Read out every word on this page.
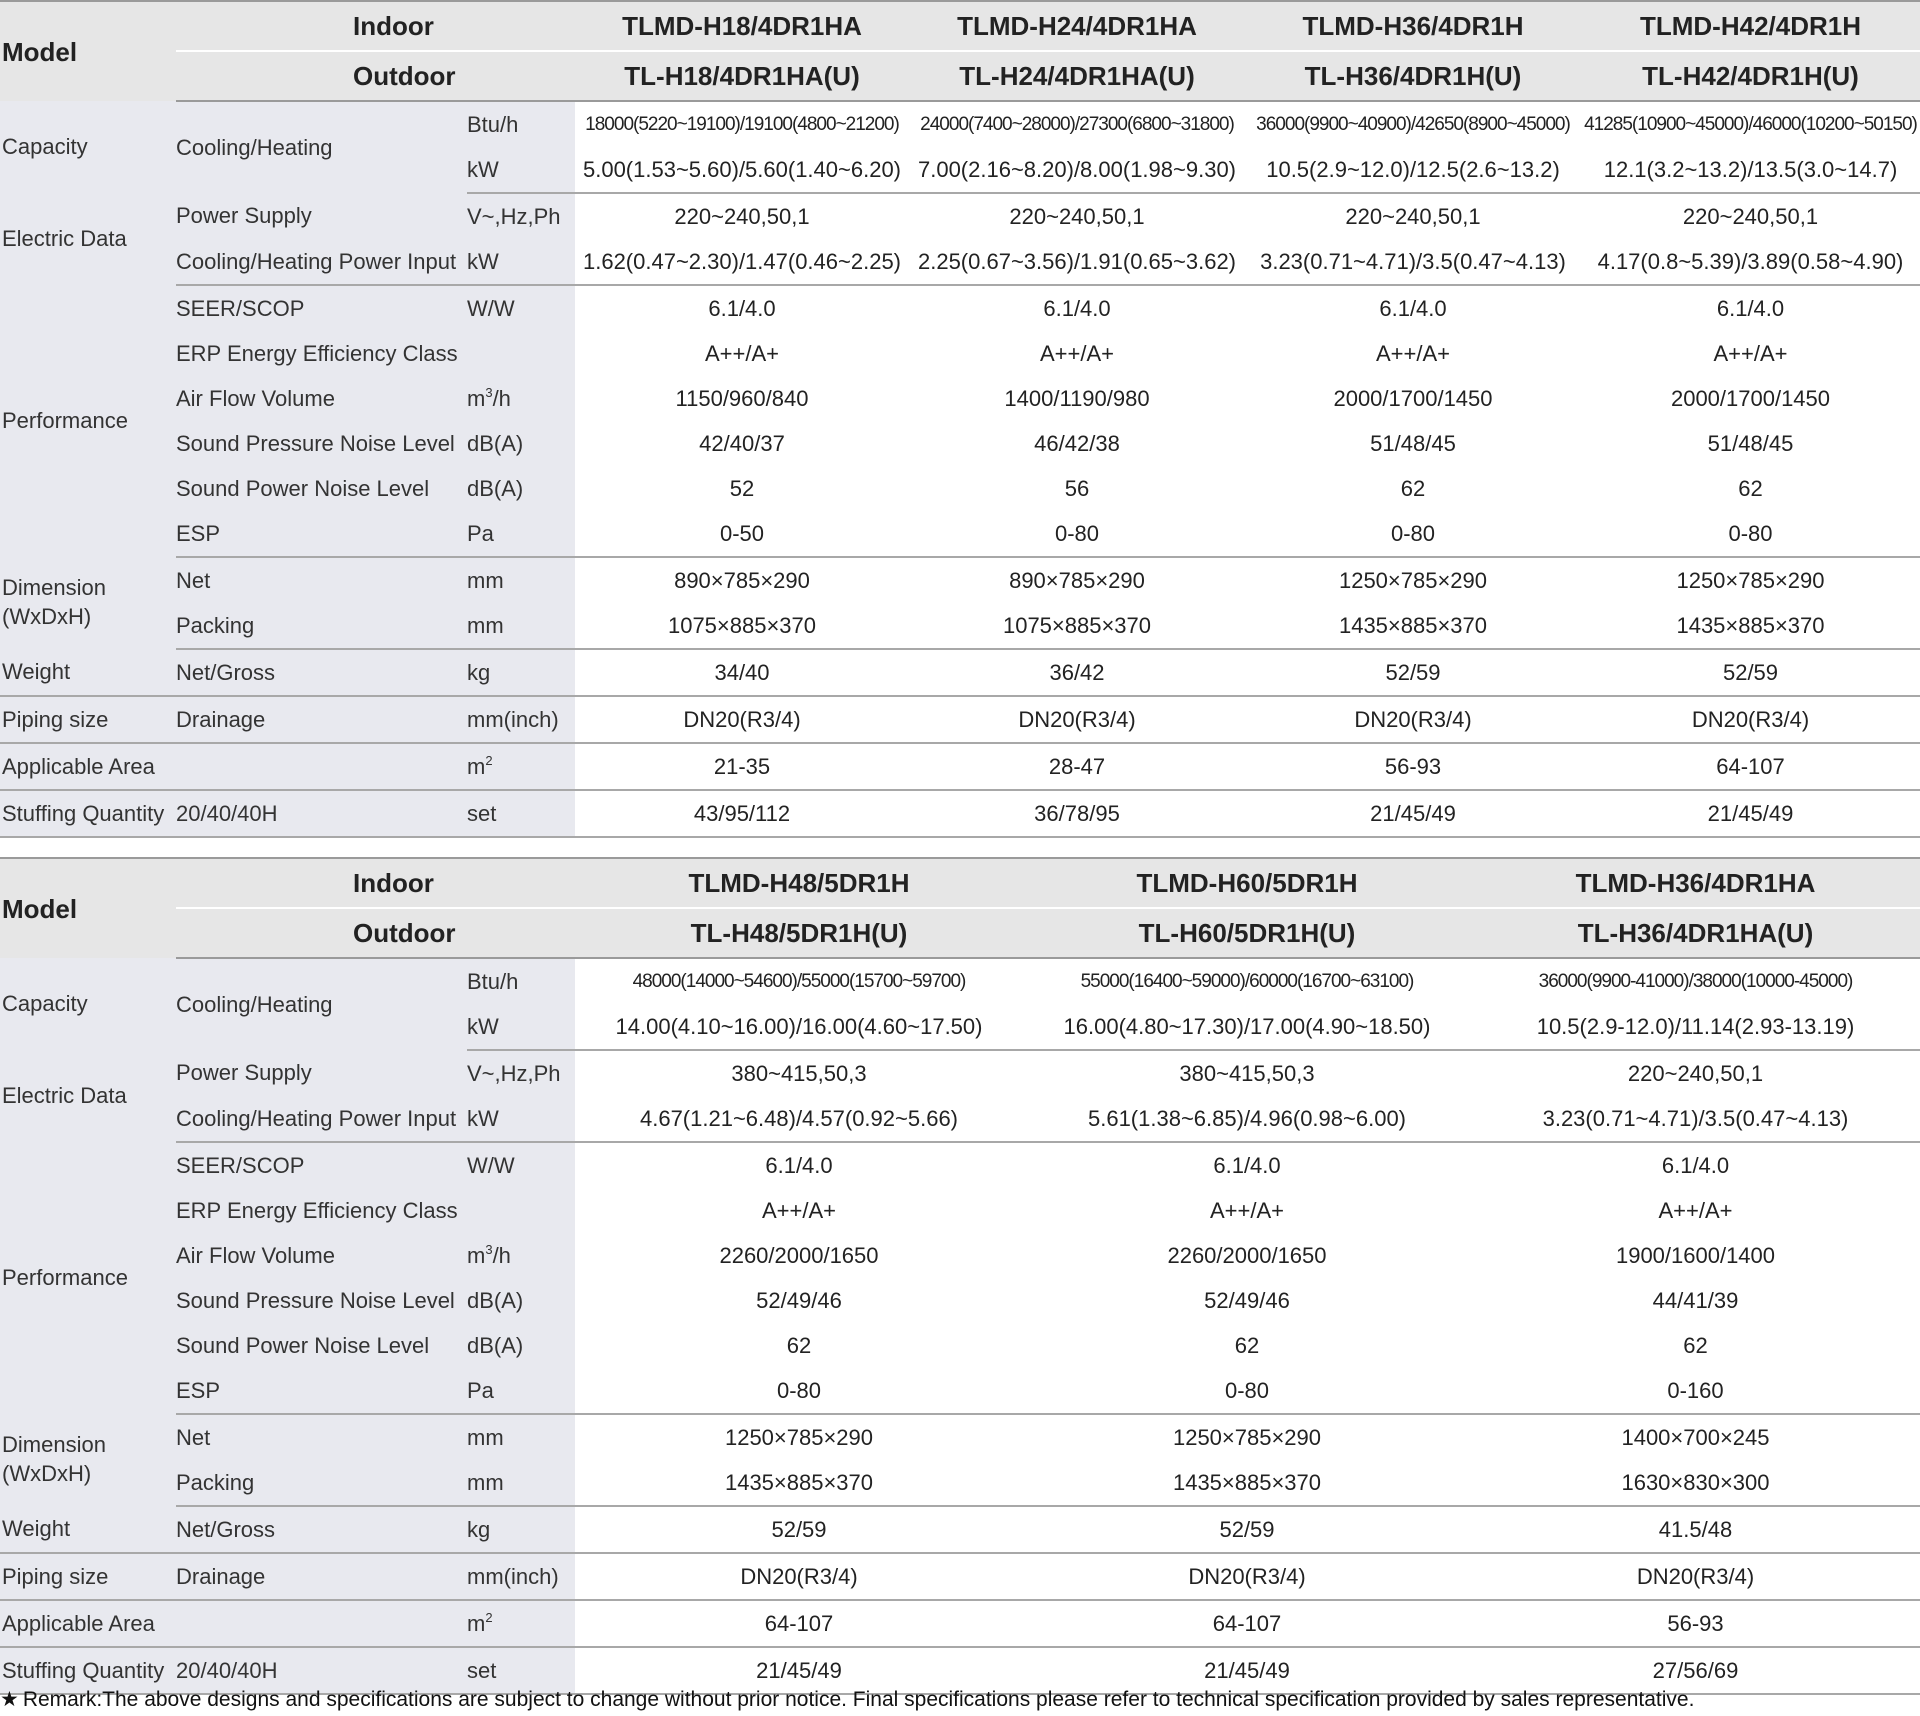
Model	Indoor		TLMD-H18/4DR1HA	TLMD-H24/4DR1HA	TLMD-H36/4DR1H	TLMD-H42/4DR1H
	Outdoor		TL-H18/4DR1HA(U)	TL-H24/4DR1HA(U)	TL-H36/4DR1H(U)	TL-H42/4DR1H(U)
Capacity	Cooling/Heating	Btu/h	18000(5220~19100)/19100(4800~21200)	24000(7400~28000)/27300(6800~31800)	36000(9900~40900)/42650(8900~45000)	41285(10900~45000)/46000(10200~50150)
		kW	5.00(1.53~5.60)/5.60(1.40~6.20)	7.00(2.16~8.20)/8.00(1.98~9.30)	10.5(2.9~12.0)/12.5(2.6~13.2)	12.1(3.2~13.2)/13.5(3.0~14.7)
Electric Data	Power Supply	V~,Hz,Ph	220~240,50,1	220~240,50,1	220~240,50,1	220~240,50,1
	Cooling/Heating Power Input	kW	1.62(0.47~2.30)/1.47(0.46~2.25)	2.25(0.67~3.56)/1.91(0.65~3.62)	3.23(0.71~4.71)/3.5(0.47~4.13)	4.17(0.8~5.39)/3.89(0.58~4.90)
Performance	SEER/SCOP	W/W	6.1/4.0	6.1/4.0	6.1/4.0	6.1/4.0
	ERP Energy Efficiency Class		A++/A+	A++/A+	A++/A+	A++/A+
	Air Flow Volume	$m^3/h$	1150/960/840	1400/1190/980	2000/1700/1450	2000/1700/1450
	Sound Pressure Noise Level	dB(A)	42/40/37	46/42/38	51/48/45	51/48/45
	Sound Power Noise Level	dB(A)	52	56	62	62
	ESP	Pa	0-50	0-80	0-80	0-80
Dimension (WxDxH)	Net	mm	890×785×290	890×785×290	1250×785×290	1250×785×290
	Packing	mm	1075×885×370	1075×885×370	1435×885×370	1435×885×370
Weight	Net/Gross	kg	34/40	36/42	52/59	52/59
Piping size	Drainage	mm(inch)	DN20(R3/4)	DN20(R3/4)	DN20(R3/4)	DN20(R3/4)
Applicable Area		$m^2$	21-35	28-47	56-93	64-107
Stuffing Quantity	20/40/40H	set	43/95/112	36/78/95	21/45/49	21/45/49
Model	Indoor		TLMD-H48/5DR1H	TLMD-H60/5DR1H	TLMD-H36/4DR1HA
	Outdoor		TL-H48/5DR1H(U)	TL-H60/5DR1H(U)	TL-H36/4DR1HA(U)
Capacity	Cooling/Heating	Btu/h	48000(14000~54600)/55000(15700~59700)	55000(16400~59000)/60000(16700~63100)	36000(9900-41000)/38000(10000-45000)
		kW	14.00(4.10~16.00)/16.00(4.60~17.50)	16.00(4.80~17.30)/17.00(4.90~18.50)	10.5(2.9-12.0)/11.14(2.93-13.19)
Electric Data	Power Supply	V~,Hz,Ph	380~415,50,3	380~415,50,3	220~240,50,1
	Cooling/Heating Power Input	kW	4.67(1.21~6.48)/4.57(0.92~5.66)	5.61(1.38~6.85)/4.96(0.98~6.00)	3.23(0.71~4.71)/3.5(0.47~4.13)
Performance	SEER/SCOP	W/W	6.1/4.0	6.1/4.0	6.1/4.0
	ERP Energy Efficiency Class		A++/A+	A++/A+	A++/A+
	Air Flow Volume	$m^3/h$	2260/2000/1650	2260/2000/1650	1900/1600/1400
	Sound Pressure Noise Level	dB(A)	52/49/46	52/49/46	44/41/39
	Sound Power Noise Level	dB(A)	62	62	62
	ESP	Pa	0-80	0-80	0-160
Dimension (WxDxH)	Net	mm	1250×785×290	1250×785×290	1400×700×245
	Packing	mm	1435×885×370	1435×885×370	1630×830×300
Weight	Net/Gross	kg	52/59	52/59	41.5/48
Piping size	Drainage	mm(inch)	DN20(R3/4)	DN20(R3/4)	DN20(R3/4)
Applicable Area		$m^2$	64-107	64-107	56-93
Stuffing Quantity	20/40/40H	set	21/45/49	21/45/49	27/56/69
★ Remark:The above designs and specifications are subject to change without prior notice. Final specifications please refer to technical specification provided by sales representative.
